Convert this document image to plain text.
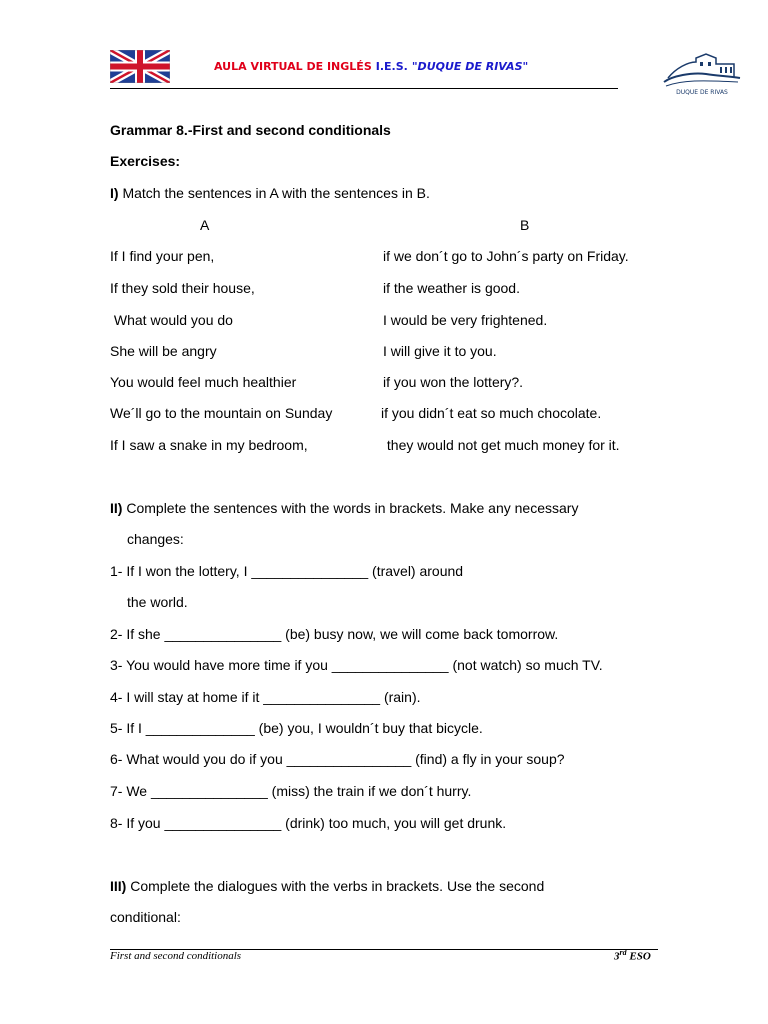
AULA VIRTUAL DE INGLÉS I.E.S. "DUQUE DE RIVAS"
DUQUE DE RIVAS
Grammar 8.-First and second conditionals
Exercises:
I) Match the sentences in A with the sentences in B.
A	B
If I find your pen,
If they sold their house,
What would you do
She will be angry
You would feel much healthier
We´ll go to the mountain on Sunday
If I saw a snake in my bedroom,
if we don´t go to John´s party on Friday.
if the weather is good.
I would be very frightened.
I will give it to you.
if you won the lottery?.
if you didn´t eat so much chocolate.
they would not get much money for it.
II) Complete the sentences with the words in brackets. Make any necessary
changes:
1- If I won the lottery, I _______________ (travel) around
the world.
2- If she _______________ (be) busy now, we will come back tomorrow.
3- You would have more time if you _______________ (not watch) so much TV.
4- I will stay at home if it _______________ (rain).
5- If I ______________ (be) you, I wouldn´t buy that bicycle.
6- What would you do if you ________________ (find) a fly in your soup?
7- We _______________ (miss) the train if we don´t hurry.
8- If you _______________ (drink) too much, you will get drunk.
III) Complete the dialogues with the verbs in brackets. Use the second
conditional:
First and second conditionals	3rd ESO
